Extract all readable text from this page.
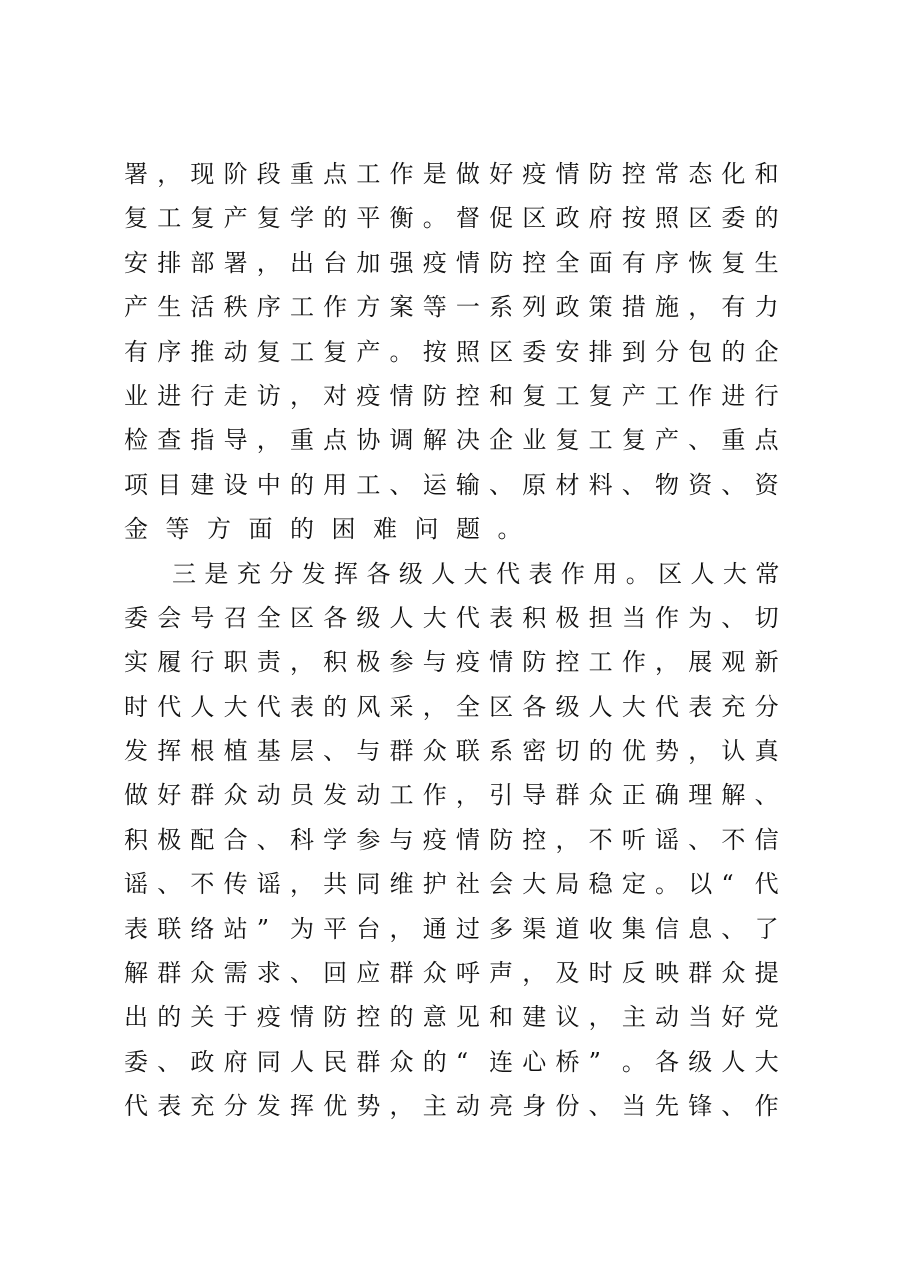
署 ， 现 阶 段 重 点 工 作 是 做 好 疫 情 防 控 常 态 化 和
复 工 复 产 复 学 的 平 衡 。 督 促 区 政 府 按 照 区 委 的
安 排 部 署 ， 出 台 加 强 疫 情 防 控 全 面 有 序 恢 复 生
产 生 活 秩 序 工 作 方 案 等 一 系 列 政 策 措 施 ， 有 力
有 序 推 动 复 工 复 产 。 按 照 区 委 安 排 到 分 包 的 企
业 进 行 走 访 ， 对 疫 情 防 控 和 复 工 复 产 工 作 进 行
检 查 指 导 ， 重 点 协 调 解 决 企 业 复 工 复 产 、 重 点
项 目 建 设 中 的 用 工 、 运 输 、 原 材 料 、 物 资 、 资
金 等 方 面 的 困 难 问 题 。
三 是 充 分 发 挥 各 级 人 大 代 表 作 用 。 区 人 大 常
委 会 号 召 全 区 各 级 人 大 代 表 积 极 担 当 作 为 、 切
实 履 行 职 责 ， 积 极 参 与 疫 情 防 控 工 作 ， 展 观 新
时 代 人 大 代 表 的 风 采 ， 全 区 各 级 人 大 代 表 充 分
发 挥 根 植 基 层 、 与 群 众 联 系 密 切 的 优 势 ， 认 真
做 好 群 众 动 员 发 动 工 作 ， 引 导 群 众 正 确 理 解 、
积 极 配 合 、 科 学 参 与 疫 情 防 控 ， 不 听 谣 、 不 信
谣 、 不 传 谣 ， 共 同 维 护 社 会 大 局 稳 定 。 以 “ 代
表 联 络 站 ” 为 平 台 ， 通 过 多 渠 道 收 集 信 息 、 了
解 群 众 需 求 、 回 应 群 众 呼 声 ， 及 时 反 映 群 众 提
出 的 关 于 疫 情 防 控 的 意 见 和 建 议 ， 主 动 当 好 党
委 、 政 府 同 人 民 群 众 的 “ 连 心 桥 ” 。 各 级 人 大
代 表 充 分 发 挥 优 势 ， 主 动 亮 身 份 、 当 先 锋 、 作
